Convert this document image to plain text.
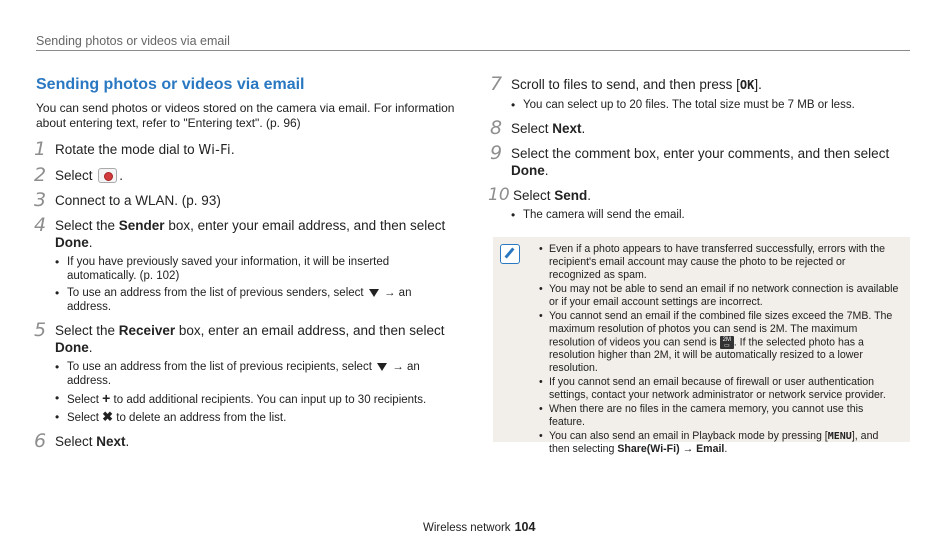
Sending photos or videos via email
Sending photos or videos via email
You can send photos or videos stored on the camera via email. For information about entering text, refer to "Entering text". (p. 96)
1 Rotate the mode dial to Wi-Fi.
2 Select .
3 Connect to a WLAN. (p. 93)
4 Select the Sender box, enter your email address, and then select Done.
• If you have previously saved your information, it will be inserted automatically. (p. 102)
• To use an address from the list of previous senders, select  → an address.
5 Select the Receiver box, enter an email address, and then select Done.
• To use an address from the list of previous recipients, select  → an address.
• Select + to add additional recipients. You can input up to 30 recipients.
• Select ✖ to delete an address from the list.
6 Select Next.
7 Scroll to files to send, and then press [OK].
• You can select up to 20 files. The total size must be 7 MB or less.
8 Select Next.
9 Select the comment box, enter your comments, and then select Done.
10 Select Send.
• The camera will send the email.
• Even if a photo appears to have transferred successfully, errors with the recipient's email account may cause the photo to be rejected or recognized as spam.
• You may not be able to send an email if no network connection is available or if your email account settings are incorrect.
• You cannot send an email if the combined file sizes exceed the 7MB. The maximum resolution of photos you can send is 2M. The maximum resolution of videos you can send is 2M
▭ . If the selected photo has a resolution higher than 2M, it will be automatically resized to a lower resolution.
• If you cannot send an email because of firewall or user authentication settings, contact your network administrator or network service provider.
• When there are no files in the camera memory, you cannot use this feature.
• You can also send an email in Playback mode by pressing [MENU], and then selecting Share(Wi-Fi) → Email.
Wireless network 104
